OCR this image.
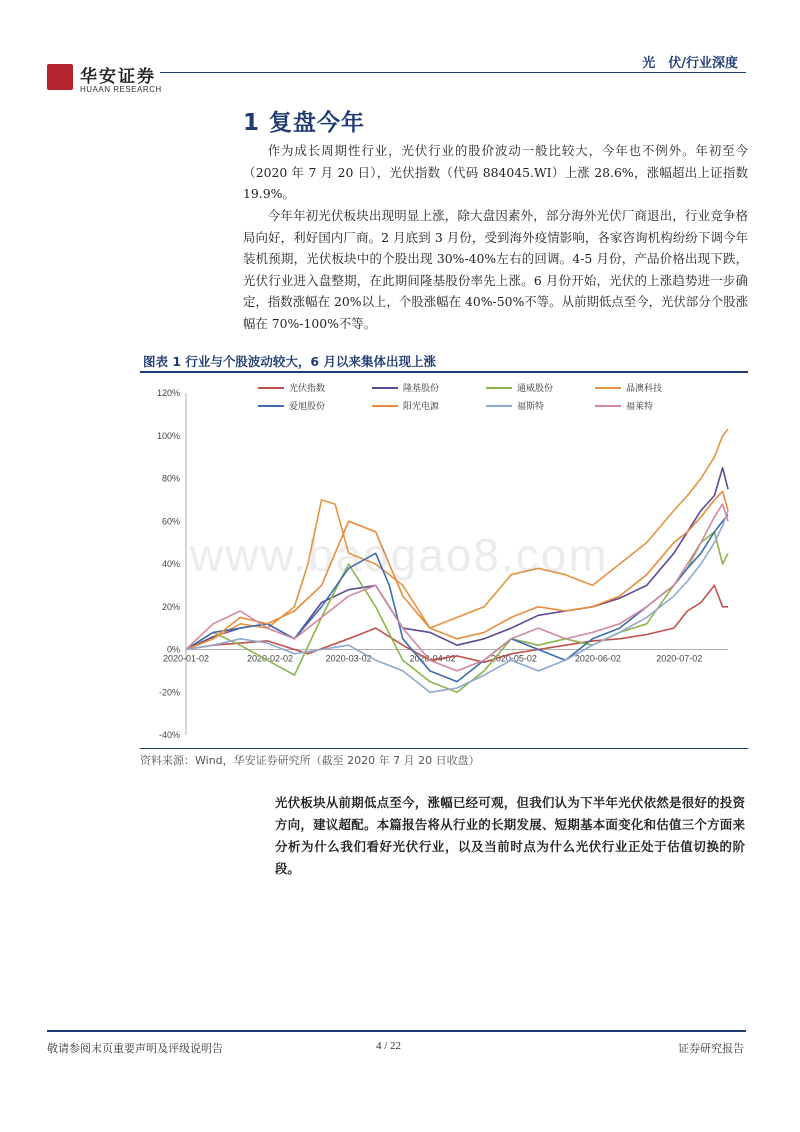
华安证券
HUAAN RESEARCH
光　伏/行业深度
1 复盘今年

作为成长周期性行业，光伏行业的股价波动一般比较大，今年也不例外。年初至今（2020 年 7 月 20 日），光伏指数（代码 884045.WI）上涨 28.6%，涨幅超出上证指数 19.9%。

今年年初光伏板块出现明显上涨，除大盘因素外，部分海外光伏厂商退出，行业竞争格局向好，利好国内厂商。2 月底到 3 月份，受到海外疫情影响，各家咨询机构纷纷下调今年装机预期，光伏板块中的个股出现 30%-40%左右的回调。4-5 月份，产品价格出现下跌，光伏行业进入盘整期，在此期间隆基股份率先上涨。6 月份开始，光伏的上涨趋势进一步确定，指数涨幅在 20%以上，个股涨幅在 40%-50%不等。从前期低点至今，光伏部分个股涨幅在 70%-100%不等。

图表 1 行业与个股波动较大，6 月以来集体出现上涨
120%
100%
80%
60%
40%
20%
0%
-20%
-40%
2020-01-02	2020-02-02	2020-03-02	2020-04-02	2020-05-02	2020-06-02	2020-07-02
光伏指数	隆基股份	通威股份	晶澳科技
爱旭股份	阳光电源	福斯特	福莱特
www.baogao8.com
资料来源：Wind，华安证券研究所（截至 2020 年 7 月 20 日收盘）

光伏板块从前期低点至今，涨幅已经可观，但我们认为下半年光伏依然是很好的投资方向，建议超配。本篇报告将从行业的长期发展、短期基本面变化和估值三个方面来分析为什么我们看好光伏行业，以及当前时点为什么光伏行业正处于估值切换的阶段。

敬请参阅末页重要声明及评级说明告	4 / 22	证券研究报告
